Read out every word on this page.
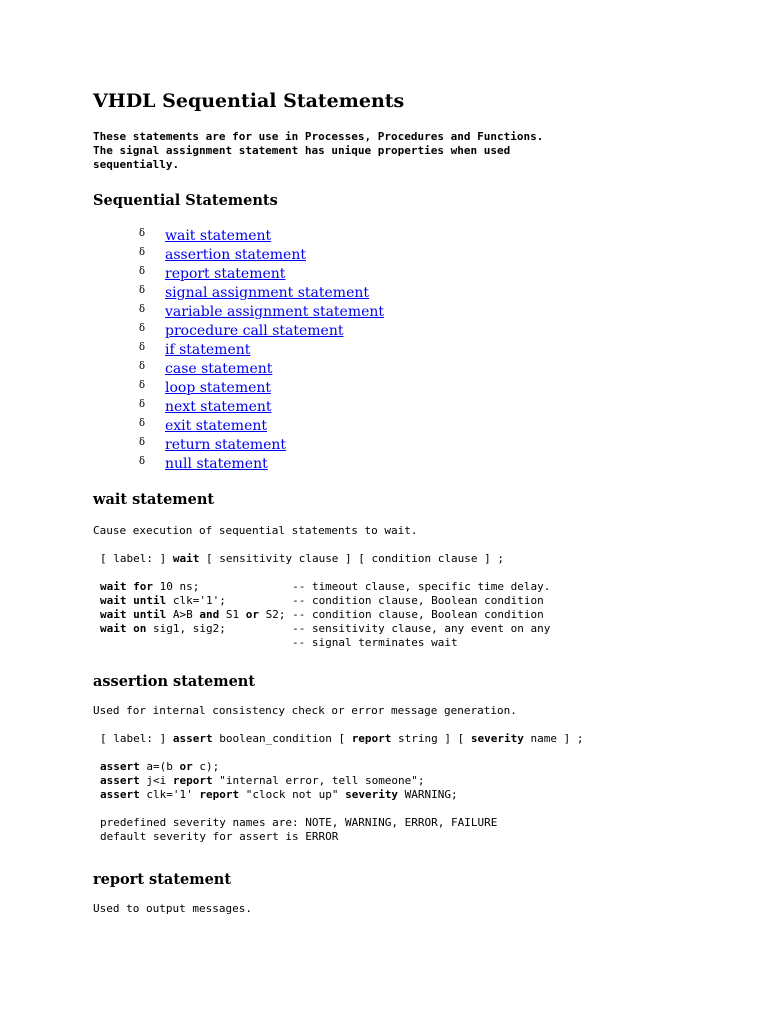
VHDL Sequential Statements
These statements are for use in Processes, Procedures and Functions.
The signal assignment statement has unique properties when used
sequentially.
Sequential Statements
δ wait statement
δ assertion statement
δ report statement
δ signal assignment statement
δ variable assignment statement
δ procedure call statement
δ if statement
δ case statement
δ loop statement
δ next statement
δ exit statement
δ return statement
δ null statement
wait statement

Cause execution of sequential statements to wait.

[ label: ] wait [ sensitivity clause ] [ condition clause ] ;

wait for 10 ns;              -- timeout clause, specific time delay.
wait until clk='1';          -- condition clause, Boolean condition
wait until A>B and S1 or S2; -- condition clause, Boolean condition
wait on sig1, sig2;          -- sensitivity clause, any event on any
-- signal terminates wait
assertion statement

Used for internal consistency check or error message generation.

[ label: ] assert boolean_condition [ report string ] [ severity name ] ;

assert a=(b or c);
assert j<i report "internal error, tell someone";
assert clk='1' report "clock not up" severity WARNING;
predefined severity names are: NOTE, WARNING, ERROR, FAILURE
default severity for assert is ERROR
report statement

Used to output messages.
